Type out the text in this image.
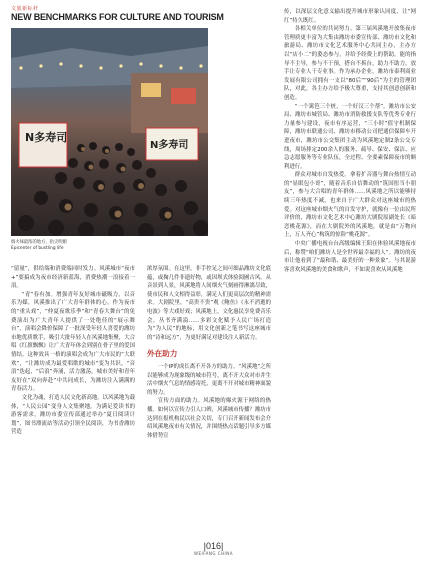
文旅新标杆
NEW BENCHMARKS FOR CULTURE AND TOURISM
N多寿司
N多寿司
烟火味最浓的地方，指尖明媚
Epicenter of bustling life

“留量”，供给端和消费端同时发力。风溪城市“夜市+”要搞成为夜市经济新蓝海，消费热潮一浪接着一浪。

“青”春有加。增强青年友好城市磁吸力，以音乐为媒，风溪推出了广大青年群体的心。作为夜市的“重头戏”，“仲夏夜歌乐季”和“青春大舞台”的免费演出为广大青年人提供了一处绝佳的“展示舞台”，演唱会降价保障了一批深受年轻人喜爱的潍坊市地优质歌手，吸引大批年轻人在风溪地集聚，大合唱《红旗飘飘》让广大青年体会到别在骨子里的爱国情结。这种效具一格的演唱会成为广大市民的“大联欢”，“让潍坊成为最爱唱歌的城市”变为共识。“音浪”迭起，“后浪”奔涌，活力激荡，城市美好和青年友好在“双向奔赴”中共同成长，为潍坊注入满满的青春活力。

文化为魂，打造人民文化新高地。以风溪地为载体，“人民公园”变身人文集聚地。为满足爱读书的游客需求，潍坊市委宣传部通过举办“夏日阅读计划”，图书漂流站等活动引领全民阅读，为书香潍坊营造

浓厚氛围。在这里，非手控足之间可细品潍坊文化底蕴，或掬几件非遗好物，或因坝式体验阅圃古风。从音景到人景，风溪地将人间烟火气刻画得淋漓尽致，使市民和人文相得益彰，满足人们更高层次的精神需求。大剧院里，“高贵不贵”观《鲍鱼》《永不消逝的电波》等大戏好戏；风溪地上，文化惠民享免费音乐会，丛书齐满溢……多彩文化赋予人民广场打造为“为人民”的地标，用文化创新之笔书写这座城市的“诗和远方”，为更好满足对建设注人新活力。

外在助力

一个IP的成长离不开各方的助力。“风溪地”之所以能够成为现象级的城市符号，离不开大众对市井生活中烟火气息的情感寄托，更离不开对城市精神面貌的努力。

宣传方面的助力。风溪地的爆火源于网络的热播。如何以宣传力引人口碑，风溪城市传播？潍坊市达到在报机构民以社会关切，专门召开新闻发布会介绍风溪地夜市有关情况，并围绕热点话题引导多方媒体借势宣

传，以深层文化意义输出提升城市形象认同度，让“网红”持久既红。

各相关单位的共同努力。第三届风溪地开放集夜市管理质更丰富为大集由潍坊市委宣传部、潍坊市文化和旅游局、潍坊市文化艺术服务中心共同主办，主办方以“店小二”的姿态参与，并给予经费上的帮助，能的指导不主导，参与不干预，搭台不拆台，助力不助力，放手让专业人干专业事。作为承办企业，潍坊市泰利商业发展有限公司拥有一支以“80后”“90后”为主的管理团队，对此，各主办方给予极大尊重，支持其创意创新和创造。

“一个篱笆三个桩，一个好汉三个帮”。潍坊市公安局、潍坊市城管局、潍坊市消防救援支队等优秀专业行力量参与建设，夜市有序运营，“三小时”值守机制保障，潍坊市联通公司、潍坊市移动公司把通信保障车开进夜市，潍坊市公交集团主动为风溪地定制2条公交专线，周场排定200余人的服务、疏导、保安、保洁、应急志愿服务等专业队伍，全过程、全要素保障夜市的顺利进行。

群众对城市自发热爱。拿着扩音器与舞台热情互动的“显眼包小哥”，随着音乐自信舞动的“筑国扭当小朋友”，参与大合唱的青年群体……风溪地之所以能够持续三年热度不减，也来自于广大群众对这座城市的热爱。对这座城市烟火气的自发守护，就像有一位由民所评价的，潍坊市文化艺术中心潍坊大剧院原副处长《暗恋桃花源》，而在大剧院外的风溪地，就是由“万物向上，万人齐心”构筑的惊险“桃花源”。

中央广播电视台台高级编辑王阳在体验风溪地夜市后，称赞“咱们潍坊人是全世界最幸福的人”。潍坊的夜市让他看到了“最和谐、最美好的一种景象”。与其说游客喜欢风溪地的美食和歌声，不如说喜欢从风溪地

|016|
WEIFANG CHINA
